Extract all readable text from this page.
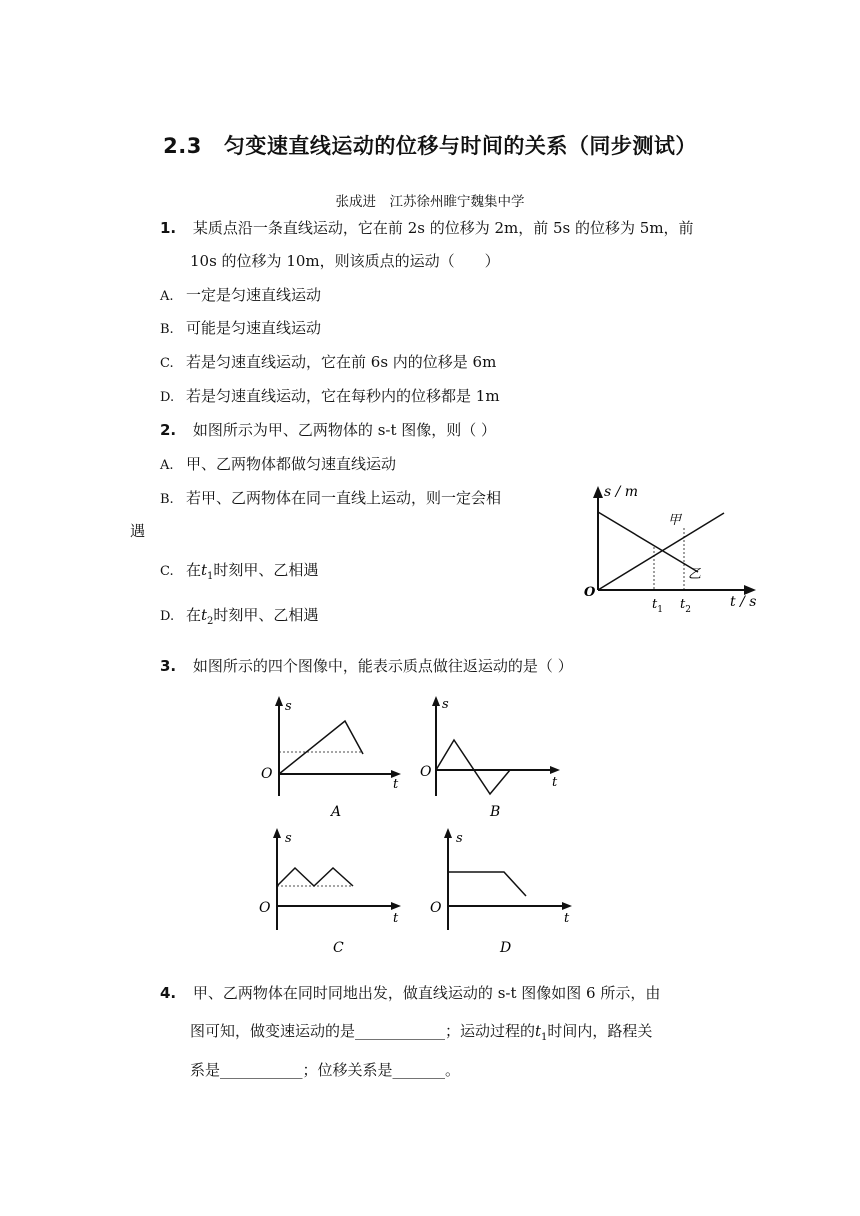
2.3 匀变速直线运动的位移与时间的关系（同步测试）
张成进　江苏徐州睢宁魏集中学
1. 某质点沿一条直线运动，它在前 2s 的位移为 2m，前 5s 的位移为 5m，前
10s 的位移为 10m，则该质点的运动（　　）
A. 一定是匀速直线运动
B. 可能是匀速直线运动
C. 若是匀速直线运动，它在前 6s 内的位移是 6m
D. 若是匀速直线运动，它在每秒内的位移都是 1m
2. 如图所示为甲、乙两物体的 s-t 图像，则（ ）
A. 甲、乙两物体都做匀速直线运动
B. 若甲、乙两物体在同一直线上运动，则一定会相
遇
C. 在$t_1$时刻甲、乙相遇
D. 在$t_2$时刻甲、乙相遇
s / m
t / s
O
甲
乙
$t_1$ $t_2$
3. 如图所示的四个图像中，能表示质点做往返运动的是（ ）
s
t
O
A
s
t
O
B
s
t
O
C
s
t
O
D
4. 甲、乙两物体在同时同地出发，做直线运动的 s-t 图像如图 6 所示，由
图可知，做变速运动的是____________；运动过程的$t_1$时间内，路程关
系是___________；位移关系是_______。
